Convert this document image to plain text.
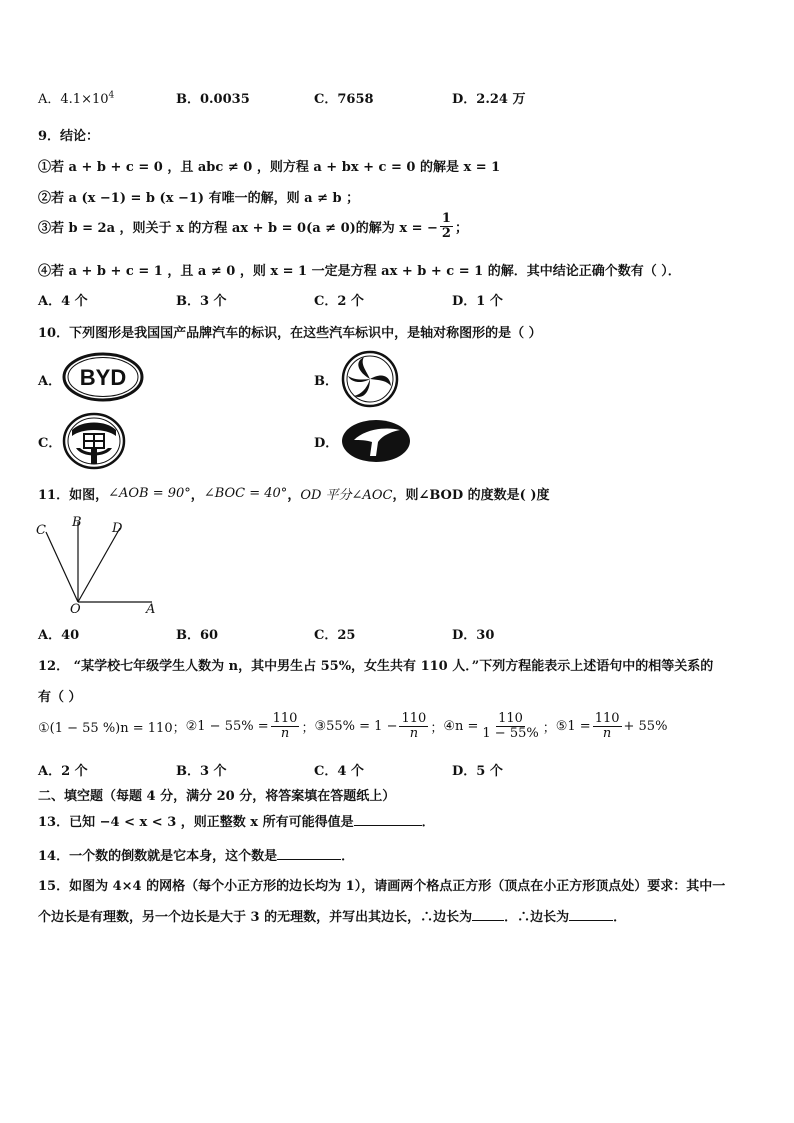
A．$4.1\times 10^4$	B．0.0035	C．7658	D．2.24 万
9．结论：
①若 a + b + c = 0 ，且 abc ≠ 0 ，则方程 a + bx + c = 0 的解是 x = 1
②若 a (x −1) = b (x −1) 有唯一的解，则 a ≠ b ；
③若 b = 2a ，则关于 x 的方程 ax + b = 0(a ≠ 0)的解为 x = − $\frac{1}{2}$ ；
④若 a + b + c = 1 ，且 a ≠ 0 ，则 x = 1 一定是方程 ax + b + c = 1 的解．其中结论正确个数有（ ）．
A．4 个	B．3 个	C．2 个	D．1 个
10．下列图形是我国国产品牌汽车的标识，在这些汽车标识中，是轴对称图形的是（ ）
A．	B．
C．	D．
BYD
11．如图， ∠AOB = 90° ， ∠BOC = 40° ， OD 平分∠AOC ，则∠BOD 的度数是( )度
C
B D
O	A
A．40	B．60	C．25	D．30
12． “某学校七年级学生人数为 n，其中男生占 55%，女生共有 110 人．”下列方程能表示上述语句中的相等关系的
有（ ）
①(1 − 55 %)n = 110； ②1 − $55\% = \frac{110}{n}$ ； ③55% = $1 - \frac{110}{n}$ ； ④n = $\frac{110}{1 - 55\%}$ ； ⑤1 = $\frac{110}{n} + 55\%$
A．2 个	B．3 个	C．4 个	D．5 个
二、填空题（每题 4 分，满分 20 分，将答案填在答题纸上）
13．已知 −4 < x < 3 ，则正整数 x 所有可能得值是	．
14．一个数的倒数就是它本身，这个数是	．
15．如图为 4×4 的网格（每个小正方形的边长均为 1），请画两个格点正方形（顶点在小正方形顶点处）要求：其中一
个边长是有理数，另一个边长是大于 3 的无理数，并写出其边长，∴边长为 ．∴边长为	．
